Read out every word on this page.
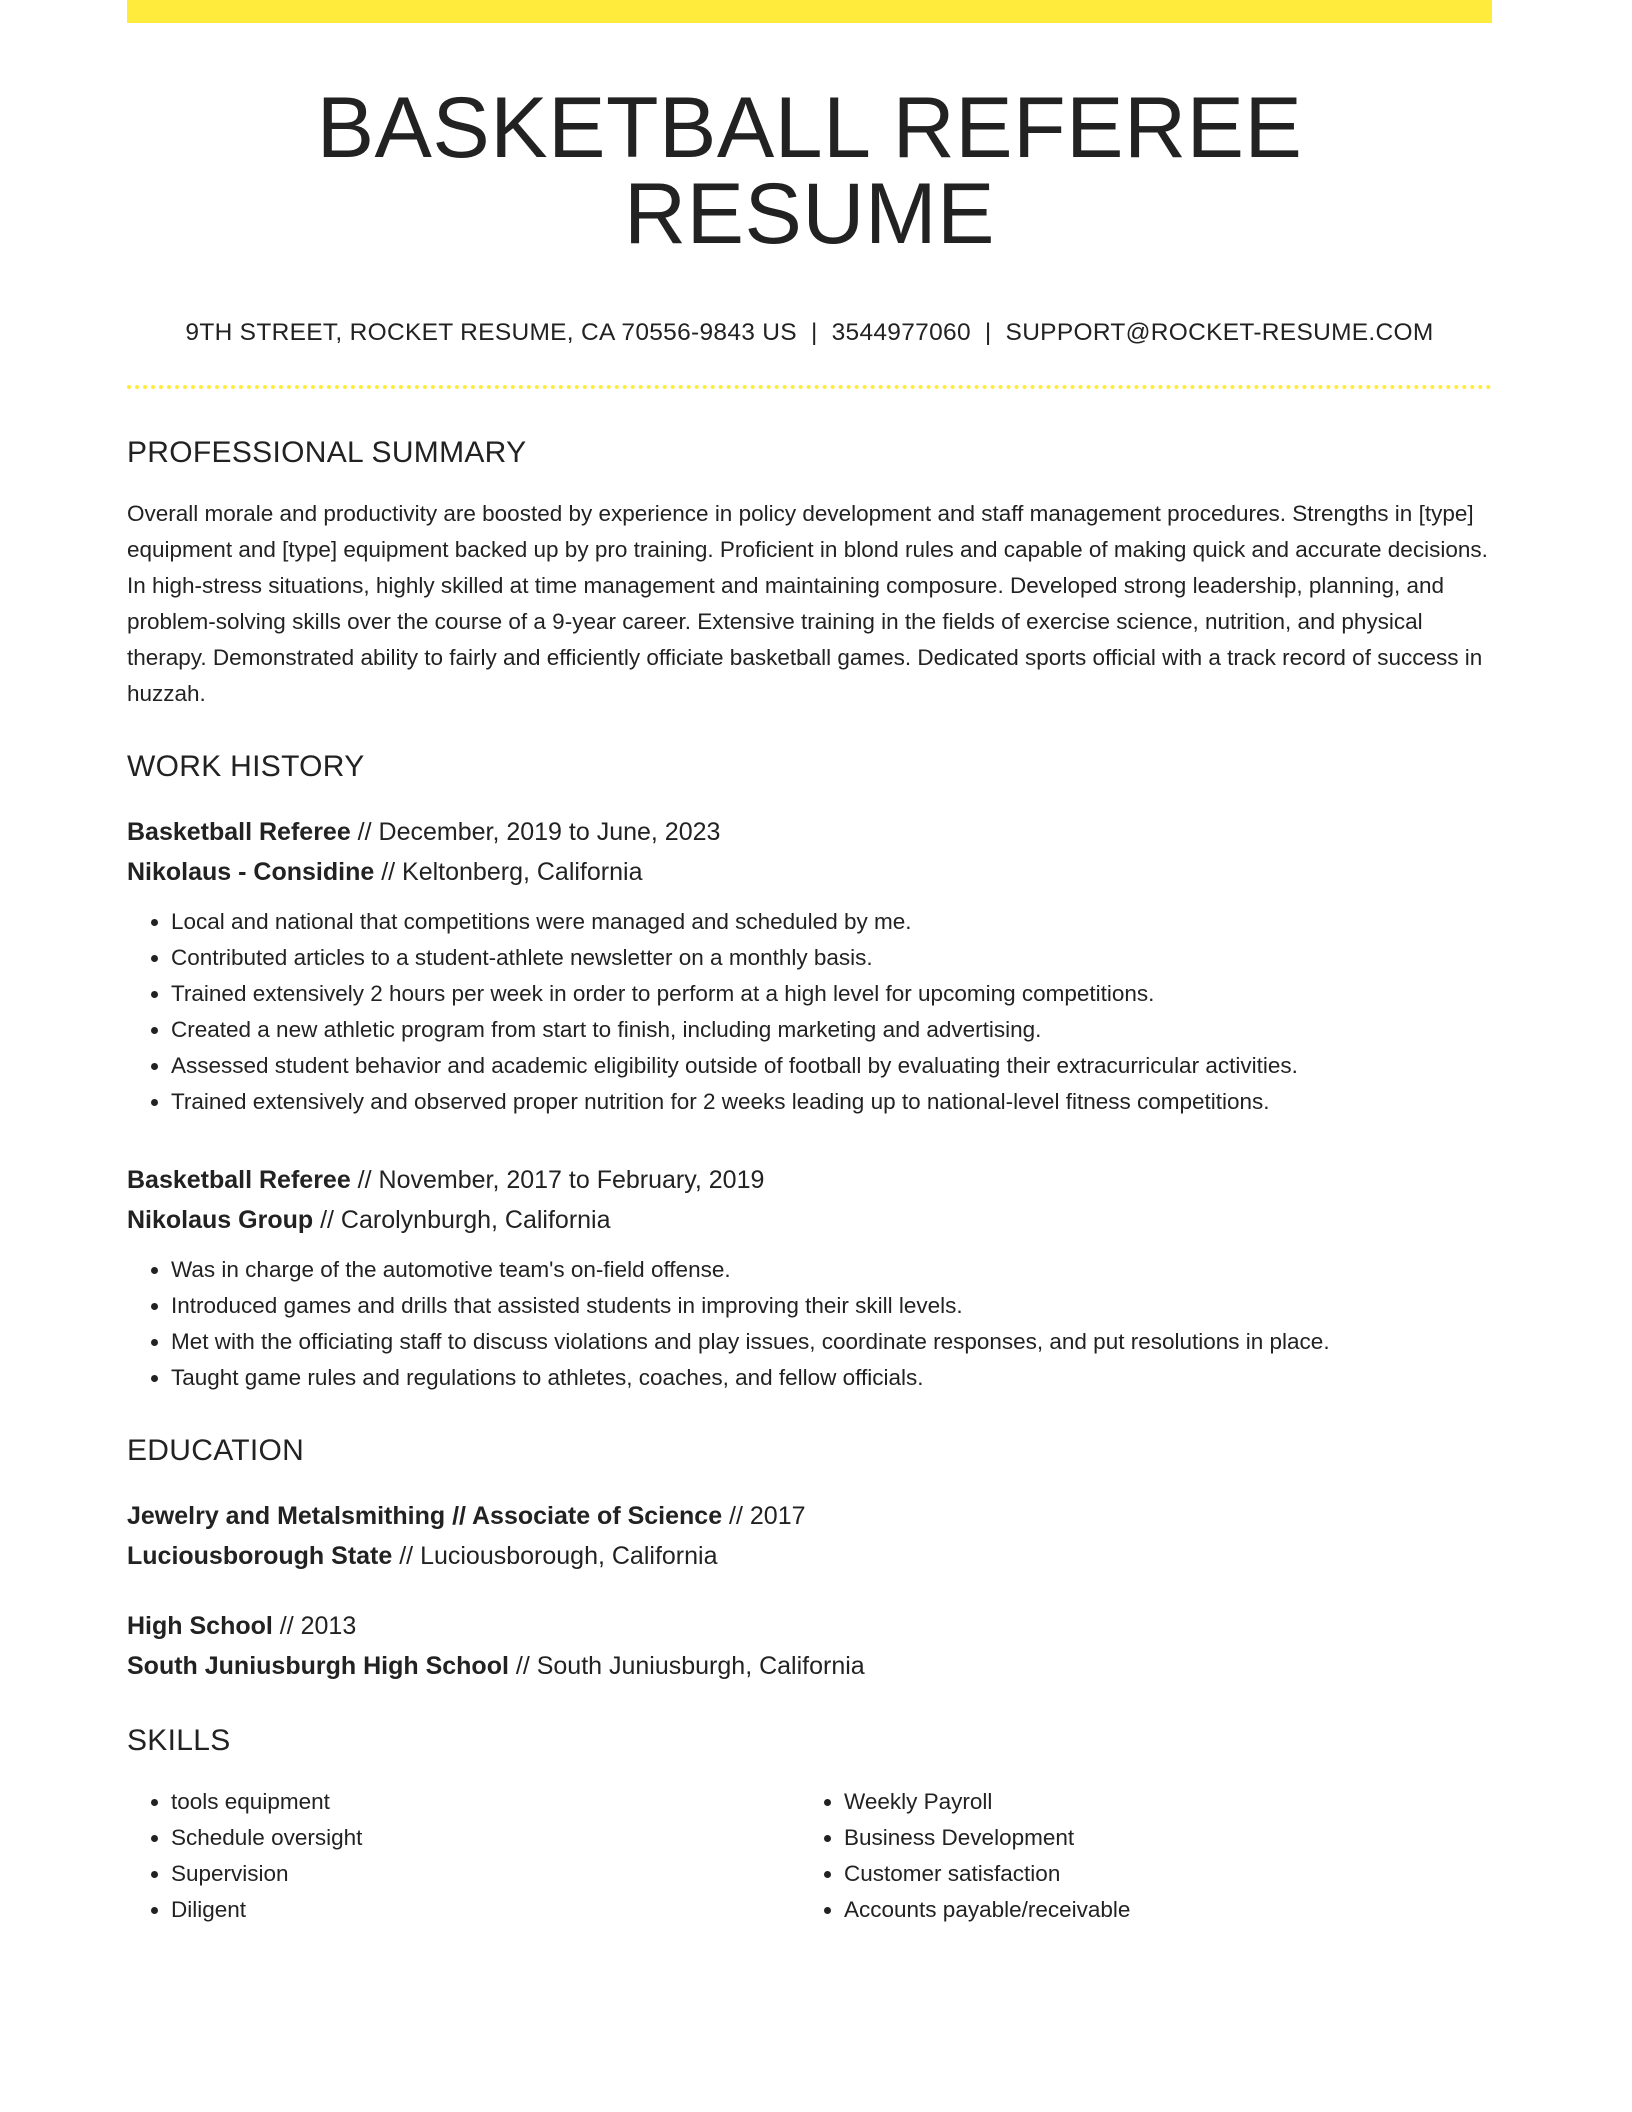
BASKETBALL REFEREE RESUME
9TH STREET, ROCKET RESUME, CA 70556-9843 US | 3544977060 | SUPPORT@ROCKET-RESUME.COM
PROFESSIONAL SUMMARY
Overall morale and productivity are boosted by experience in policy development and staff management procedures. Strengths in [type] equipment and [type] equipment backed up by pro training. Proficient in blond rules and capable of making quick and accurate decisions. In high-stress situations, highly skilled at time management and maintaining composure. Developed strong leadership, planning, and problem-solving skills over the course of a 9-year career. Extensive training in the fields of exercise science, nutrition, and physical therapy. Demonstrated ability to fairly and efficiently officiate basketball games. Dedicated sports official with a track record of success in huzzah.
WORK HISTORY
Basketball Referee // December, 2019 to June, 2023
Nikolaus - Considine // Keltonberg, California
• Local and national that competitions were managed and scheduled by me.
• Contributed articles to a student-athlete newsletter on a monthly basis.
• Trained extensively 2 hours per week in order to perform at a high level for upcoming competitions.
• Created a new athletic program from start to finish, including marketing and advertising.
• Assessed student behavior and academic eligibility outside of football by evaluating their extracurricular activities.
• Trained extensively and observed proper nutrition for 2 weeks leading up to national-level fitness competitions.
Basketball Referee // November, 2017 to February, 2019
Nikolaus Group // Carolynburgh, California
• Was in charge of the automotive team's on-field offense.
• Introduced games and drills that assisted students in improving their skill levels.
• Met with the officiating staff to discuss violations and play issues, coordinate responses, and put resolutions in place.
• Taught game rules and regulations to athletes, coaches, and fellow officials.
EDUCATION
Jewelry and Metalsmithing // Associate of Science // 2017
Luciousborough State // Luciousborough, California
High School // 2013
South Juniusburgh High School // South Juniusburgh, California
SKILLS
• tools equipment
• Schedule oversight
• Supervision
• Diligent
• Weekly Payroll
• Business Development
• Customer satisfaction
• Accounts payable/receivable
